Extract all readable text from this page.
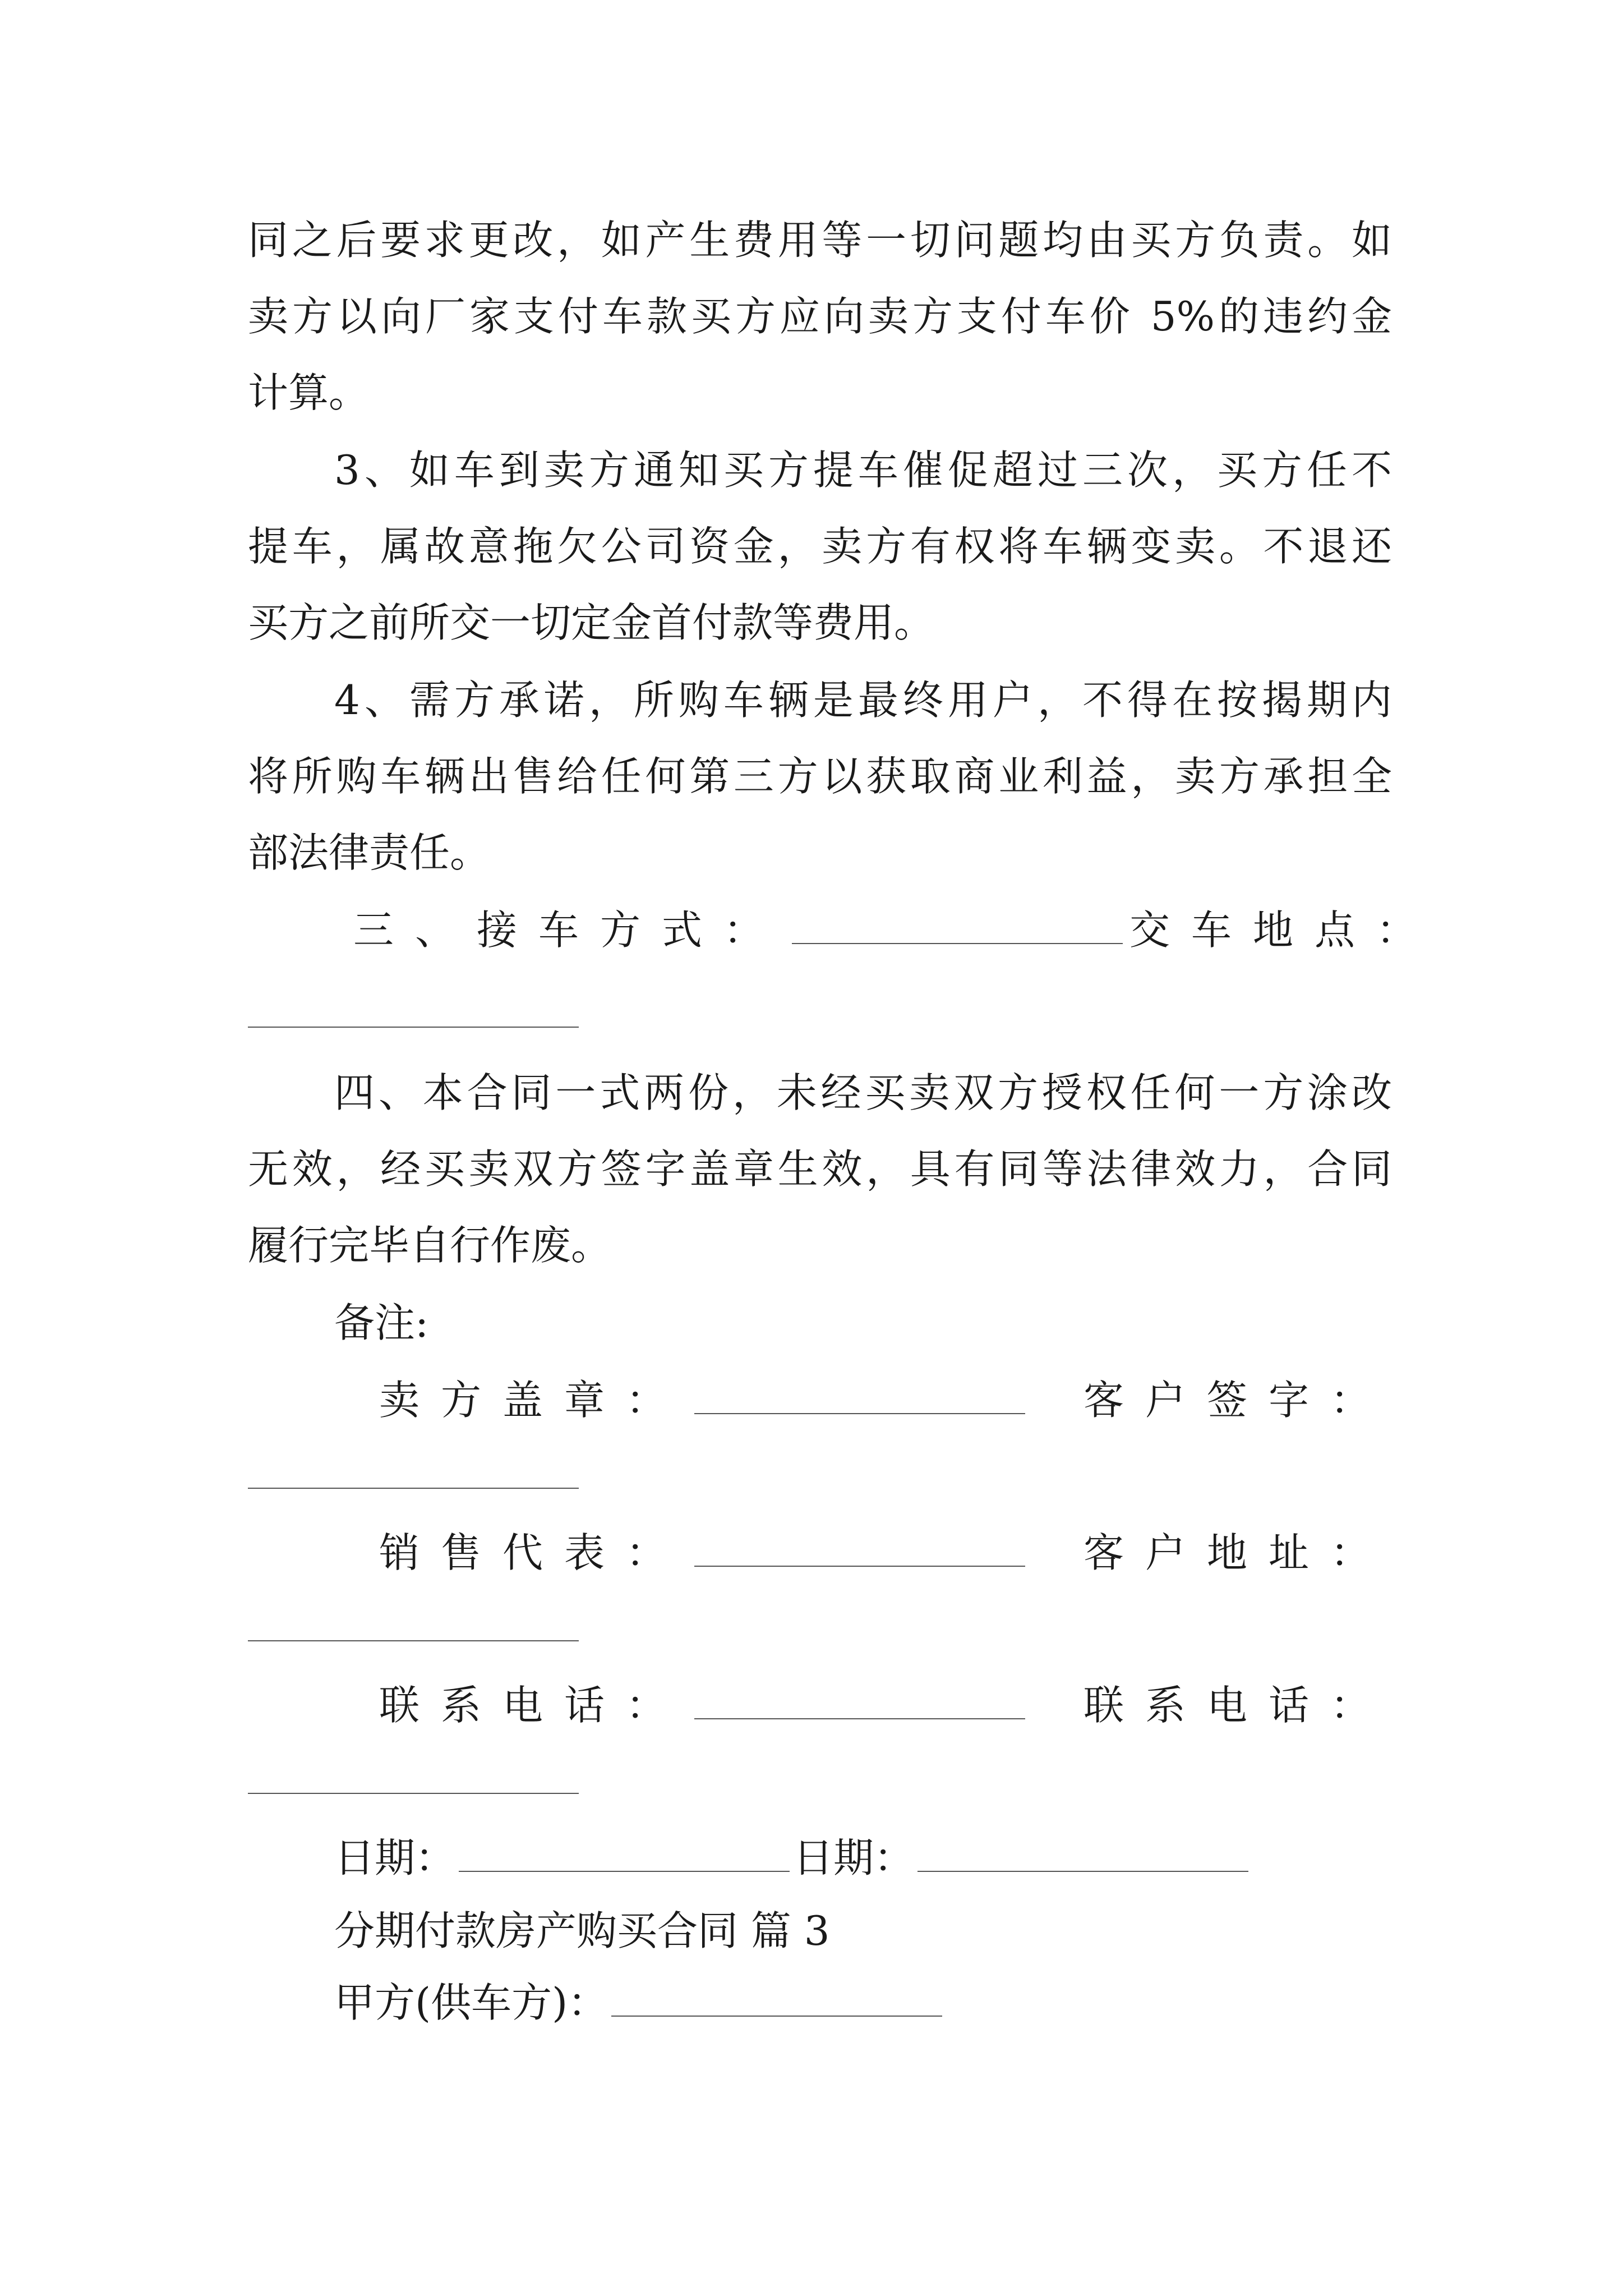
同之后要求更改，如产生费用等一切问题均由买方负责。如
卖方以向厂家支付车款买方应向卖方支付车价 5%的违约金
计算。
3、如车到卖方通知买方提车催促超过三次，买方任不
提车，属故意拖欠公司资金，卖方有权将车辆变卖。不退还
买方之前所交一切定金首付款等费用。
4、需方承诺，所购车辆是最终用户，不得在按揭期内
将所购车辆出售给任何第三方以获取商业利益，卖方承担全
部法律责任。
三、接车方式：	交车地点：
四、本合同一式两份，未经买卖双方授权任何一方涂改
无效，经买卖双方签字盖章生效，具有同等法律效力，合同
履行完毕自行作废。
备注:
卖方盖章：	客户签字：
销售代表：	客户地址：
联系电话：	联系电话：
日期：	日期：
分期付款房产购买合同 篇 3
甲方(供车方)：
